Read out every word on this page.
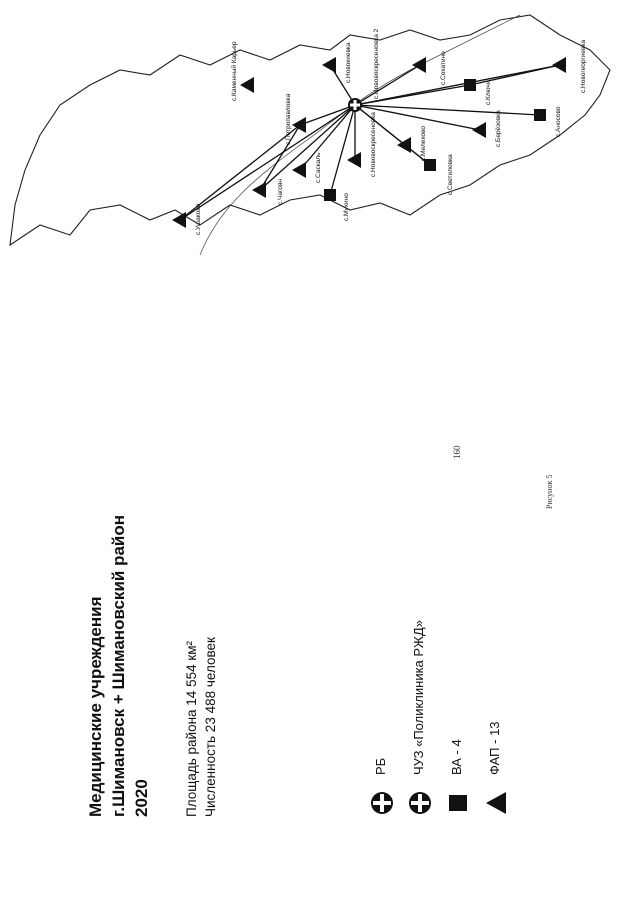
Медицинские учреждения г.Шимановск + Шимановский район 2020 Площадь района 14 554 км² Численность 23 488 человек	РБ ЧУЗ «Поликлиника РЖД» ВА - 4 ФАП - 13
Рисунок 5
160
с.Ушаково
с.Чагоян
с.Саскаль
с.Мухино
с.Нововоскресеновка	с.Мелехово
с.Светиловка
с.Берёзовка	с.Аносово
с.Новогеоргиевка
с.Ключи
с.Сохатино
с.Новокиевка
с.Петропавловка
с.Каменный Карьер	с.Нововоскресеновка 2
